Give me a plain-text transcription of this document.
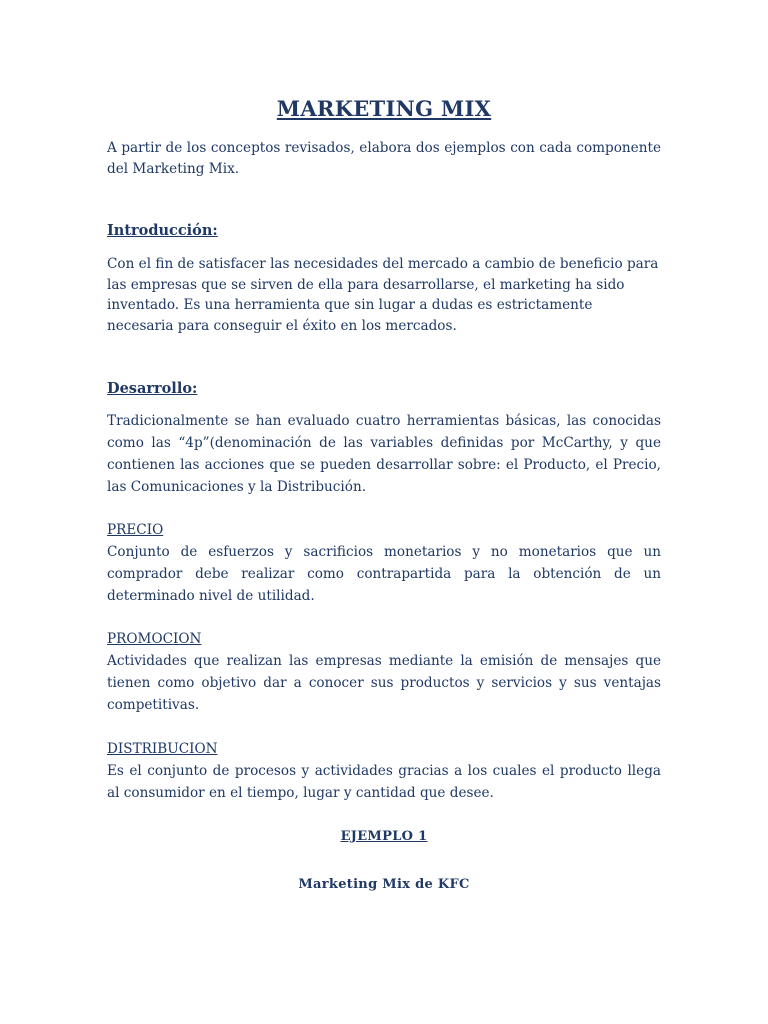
MARKETING MIX

A partir de los conceptos revisados, elabora dos ejemplos con cada componente del Marketing Mix.

Introducción:

Con el fin de satisfacer las necesidades del mercado a cambio de beneficio para las empresas que se sirven de ella para desarrollarse, el marketing ha sido inventado. Es una herramienta que sin lugar a dudas es estrictamente necesaria para conseguir el éxito en los mercados.

Desarrollo:

Tradicionalmente se han evaluado cuatro herramientas básicas, las conocidas como las “4p”(denominación de las variables definidas por McCarthy, y que contienen las acciones que se pueden desarrollar sobre: el Producto, el Precio, las Comunicaciones y la Distribución.

PRECIO
Conjunto de esfuerzos y sacrificios monetarios y no monetarios que un comprador debe realizar como contrapartida para la obtención de un determinado nivel de utilidad.
PROMOCION
Actividades que realizan las empresas mediante la emisión de mensajes que tienen como objetivo dar a conocer sus productos y servicios y sus ventajas competitivas.
DISTRIBUCION
Es el conjunto de procesos y actividades gracias a los cuales el producto llega al consumidor en el tiempo, lugar y cantidad que desee.

EJEMPLO 1

Marketing Mix de KFC
